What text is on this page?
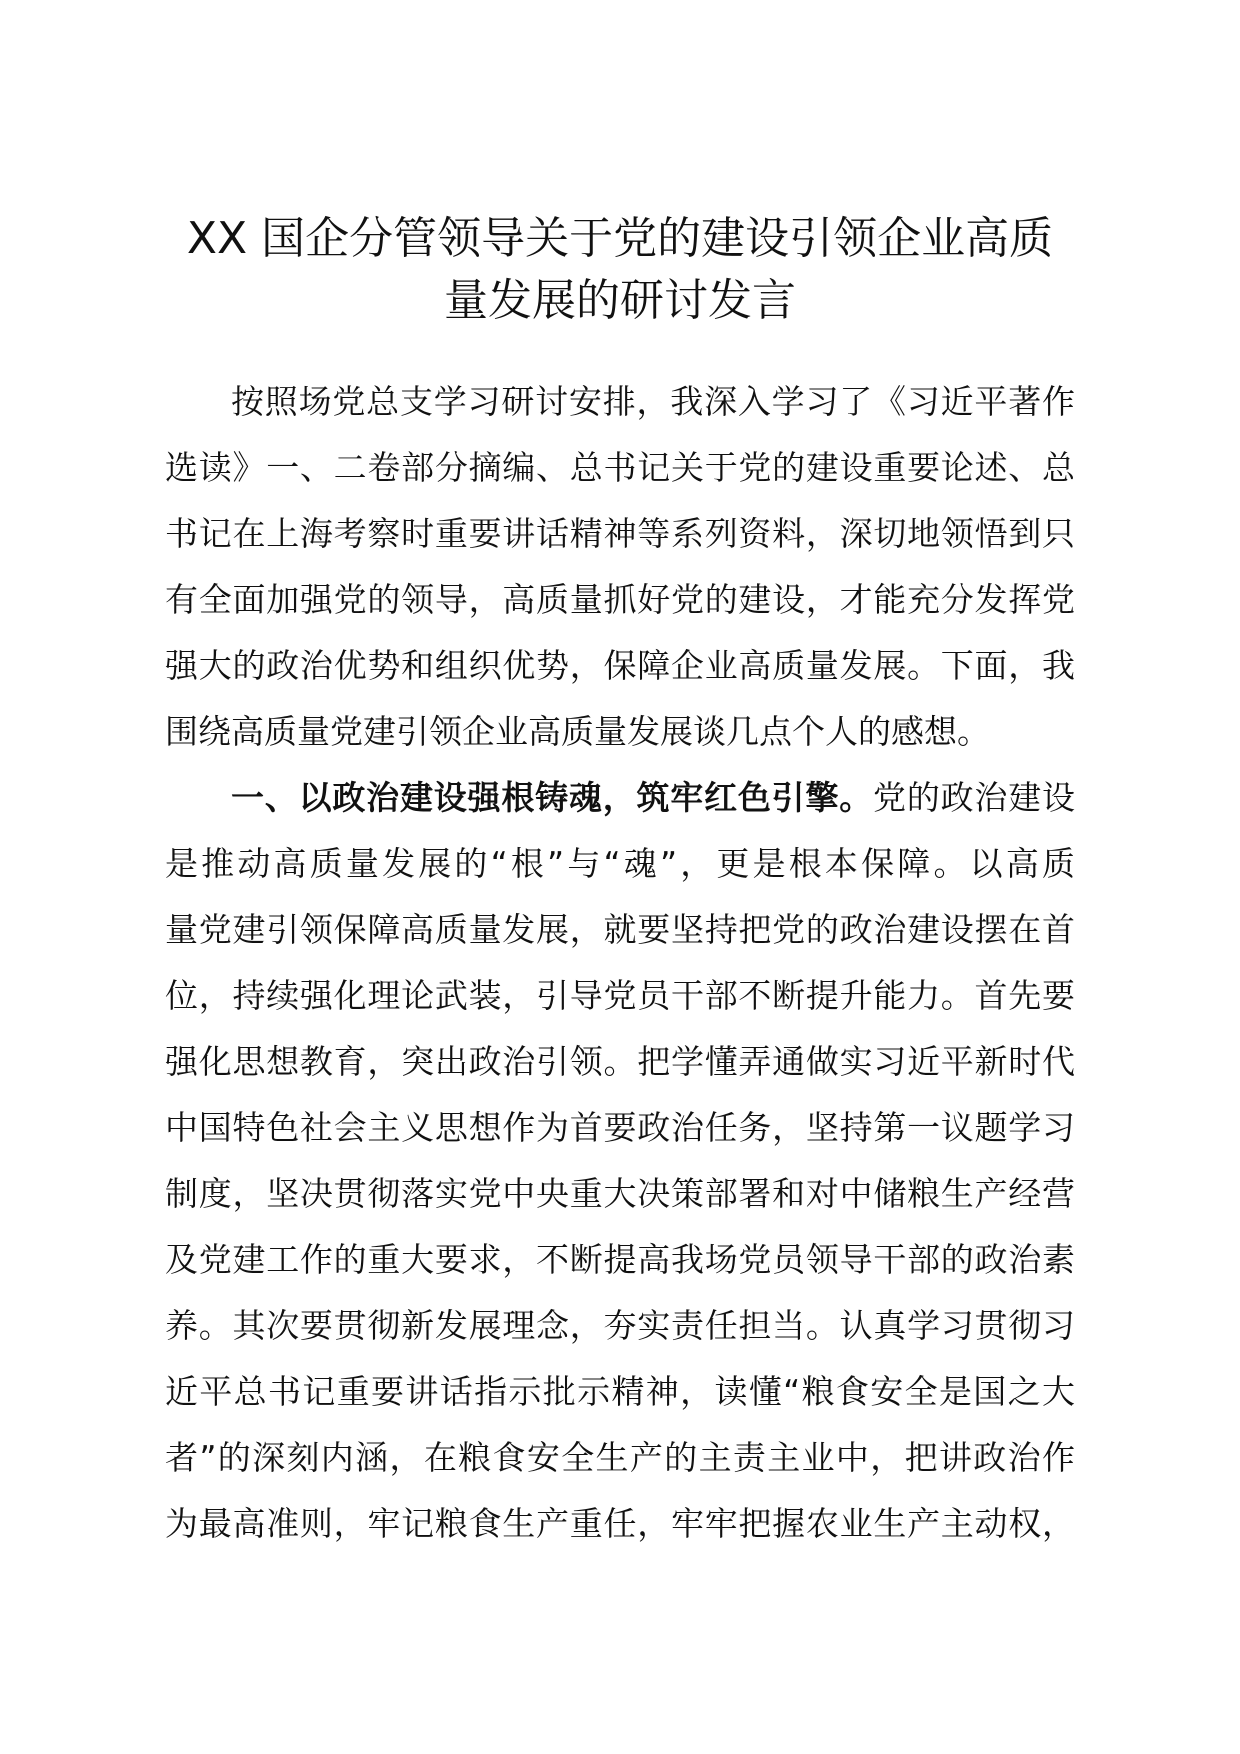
XX 国企分管领导关于党的建设引领企业高质
量发展的研讨发言
按照场党总支学习研讨安排，我深入学习了《习近平著作
选读》一、二卷部分摘编、总书记关于党的建设重要论述、总
书记在上海考察时重要讲话精神等系列资料，深切地领悟到只
有全面加强党的领导，高质量抓好党的建设，才能充分发挥党
强大的政治优势和组织优势，保障企业高质量发展。下面，我
围绕高质量党建引领企业高质量发展谈几点个人的感想。
一、以政治建设强根铸魂，筑牢红色引擎。党的政治建设
是推动高质量发展的“根”与“魂”，更是根本保障。以高质
量党建引领保障高质量发展，就要坚持把党的政治建设摆在首
位，持续强化理论武装，引导党员干部不断提升能力。首先要
强化思想教育，突出政治引领。把学懂弄通做实习近平新时代
中国特色社会主义思想作为首要政治任务，坚持第一议题学习
制度，坚决贯彻落实党中央重大决策部署和对中储粮生产经营
及党建工作的重大要求，不断提高我场党员领导干部的政治素
养。其次要贯彻新发展理念，夯实责任担当。认真学习贯彻习
近平总书记重要讲话指示批示精神，读懂“粮食安全是国之大
者”的深刻内涵，在粮食安全生产的主责主业中，把讲政治作
为最高准则，牢记粮食生产重任，牢牢把握农业生产主动权，
